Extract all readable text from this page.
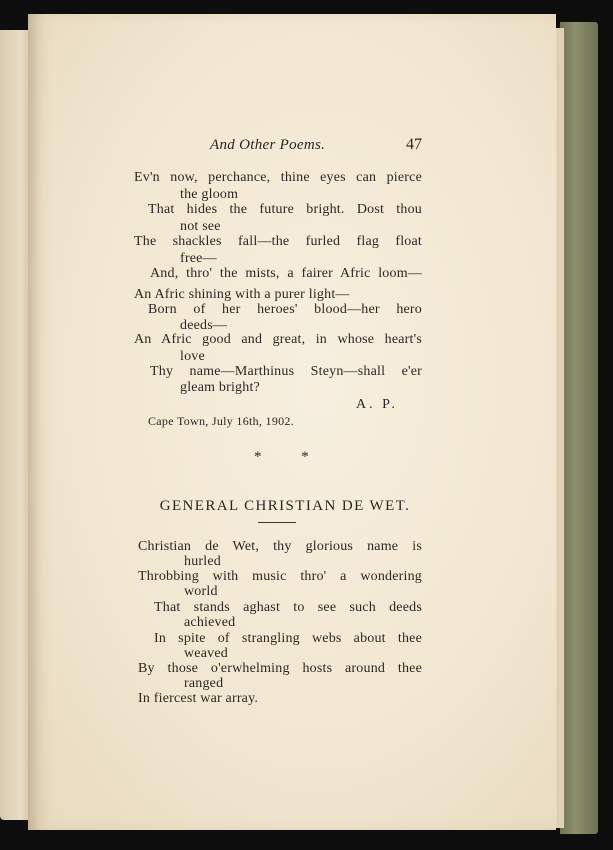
And Other Poems.	47
Ev'n now, perchance, thine eyes can pierce
the gloom
That hides the future bright. Dost thou
not see
The shackles fall—the furled flag float
free—
And, thro' the mists, a fairer Afric loom—
An Afric shining with a purer light—
Born of her heroes' blood—her hero
deeds—
An Afric good and great, in whose heart's
love
Thy name—Marthinus Steyn—shall e'er
gleam bright?
A. P.
Cape Town, July 16th, 1902.
* *
GENERAL CHRISTIAN DE WET.
Christian de Wet, thy glorious name is
hurled
Throbbing with music thro' a wondering
world
That stands aghast to see such deeds
achieved
In spite of strangling webs about thee
weaved
By those o'erwhelming hosts around thee
ranged
In fiercest war array.
